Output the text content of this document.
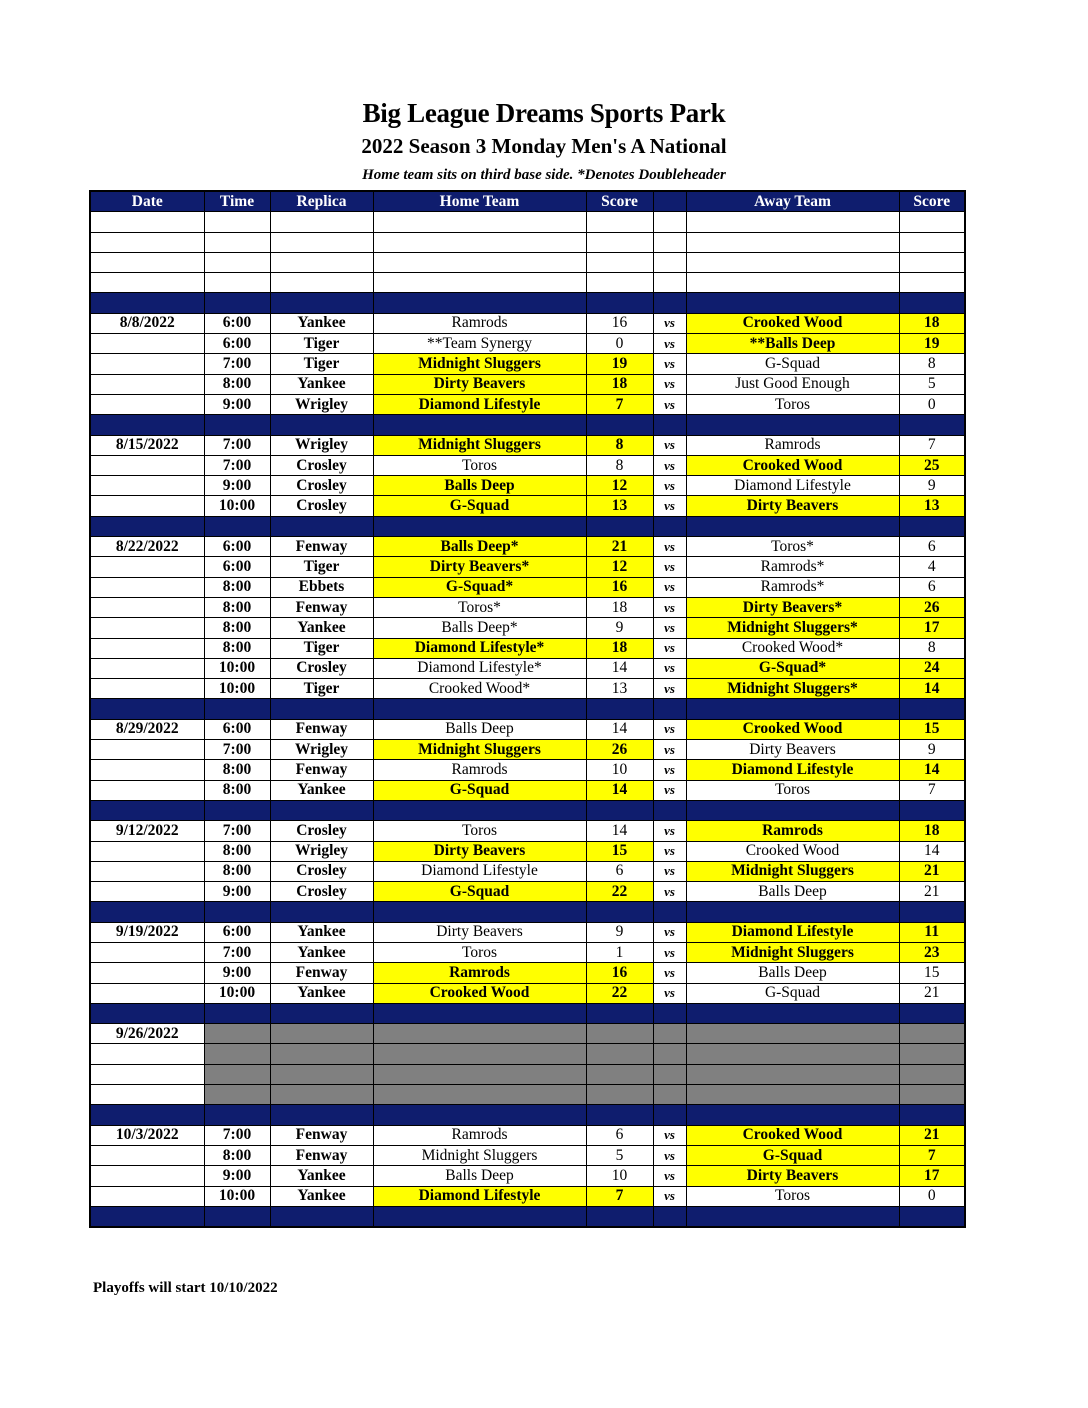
Big League Dreams Sports Park
2022 Season 3 Monday Men's A National
Home team sits on third base side. *Denotes Doubleheader
Date	Time	Replica	Home Team	Score		Away Team	Score

8/8/2022	6:00	Yankee	Ramrods	16	vs	Crooked Wood	18
	6:00	Tiger	**Team Synergy	0	vs	**Balls Deep	19
	7:00	Tiger	Midnight Sluggers	19	vs	G-Squad	8
	8:00	Yankee	Dirty Beavers	18	vs	Just Good Enough	5
	9:00	Wrigley	Diamond Lifestyle	7	vs	Toros	0

8/15/2022	7:00	Wrigley	Midnight Sluggers	8	vs	Ramrods	7
	7:00	Crosley	Toros	8	vs	Crooked Wood	25
	9:00	Crosley	Balls Deep	12	vs	Diamond Lifestyle	9
	10:00	Crosley	G-Squad	13	vs	Dirty Beavers	13

8/22/2022	6:00	Fenway	Balls Deep*	21	vs	Toros*	6
	6:00	Tiger	Dirty Beavers*	12	vs	Ramrods*	4
	8:00	Ebbets	G-Squad*	16	vs	Ramrods*	6
	8:00	Fenway	Toros*	18	vs	Dirty Beavers*	26
	8:00	Yankee	Balls Deep*	9	vs	Midnight Sluggers*	17
	8:00	Tiger	Diamond Lifestyle*	18	vs	Crooked Wood*	8
	10:00	Crosley	Diamond Lifestyle*	14	vs	G-Squad*	24
	10:00	Tiger	Crooked Wood*	13	vs	Midnight Sluggers*	14

8/29/2022	6:00	Fenway	Balls Deep	14	vs	Crooked Wood	15
	7:00	Wrigley	Midnight Sluggers	26	vs	Dirty Beavers	9
	8:00	Fenway	Ramrods	10	vs	Diamond Lifestyle	14
	8:00	Yankee	G-Squad	14	vs	Toros	7

9/12/2022	7:00	Crosley	Toros	14	vs	Ramrods	18
	8:00	Wrigley	Dirty Beavers	15	vs	Crooked Wood	14
	8:00	Crosley	Diamond Lifestyle	6	vs	Midnight Sluggers	21
	9:00	Crosley	G-Squad	22	vs	Balls Deep	21

9/19/2022	6:00	Yankee	Dirty Beavers	9	vs	Diamond Lifestyle	11
	7:00	Yankee	Toros	1	vs	Midnight Sluggers	23
	9:00	Fenway	Ramrods	16	vs	Balls Deep	15
	10:00	Yankee	Crooked Wood	22	vs	G-Squad	21

9/26/2022							

10/3/2022	7:00	Fenway	Ramrods	6	vs	Crooked Wood	21
	8:00	Fenway	Midnight Sluggers	5	vs	G-Squad	7
	9:00	Yankee	Balls Deep	10	vs	Dirty Beavers	17
	10:00	Yankee	Diamond Lifestyle	7	vs	Toros	0

Playoffs will start 10/10/2022
